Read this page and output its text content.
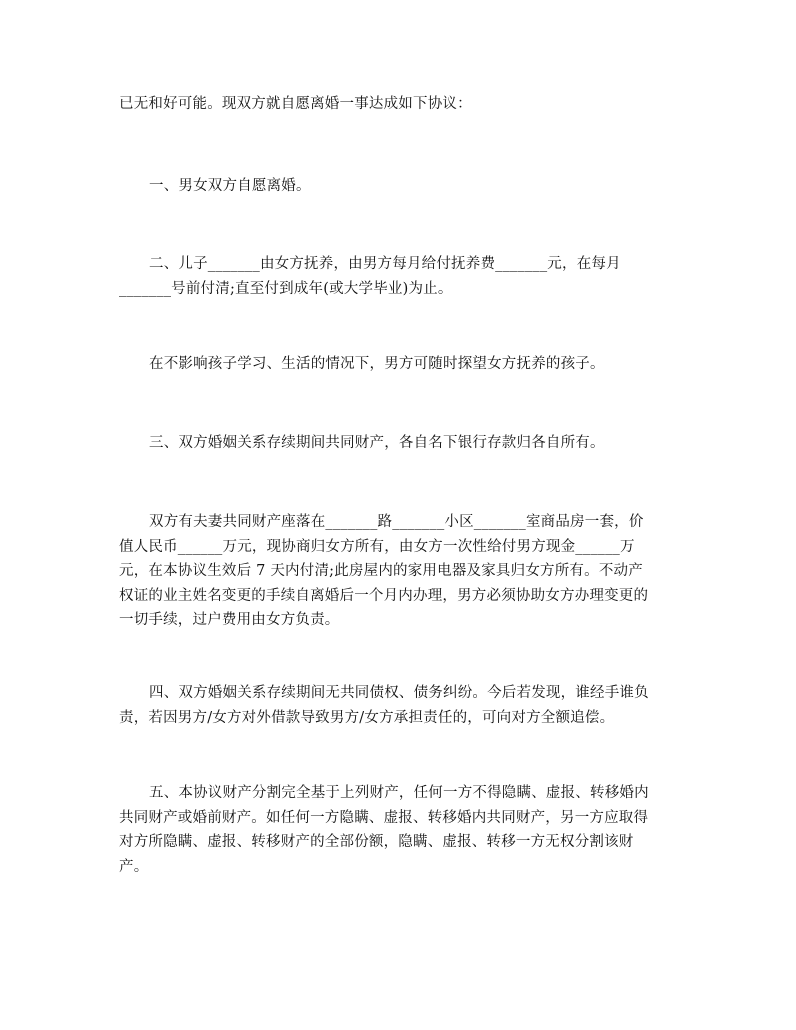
已无和好可能。现双方就自愿离婚一事达成如下协议：

一、男女双方自愿离婚。

二、儿子_______由女方抚养，由男方每月给付抚养费_______元，在每月
_______号前付清;直至付到成年(或大学毕业)为止。

在不影响孩子学习、生活的情况下，男方可随时探望女方抚养的孩子。

三、双方婚姻关系存续期间共同财产，各自名下银行存款归各自所有。

双方有夫妻共同财产座落在_______路_______小区_______室商品房一套，价
值人民币______万元，现协商归女方所有，由女方一次性给付男方现金______万
元，在本协议生效后 7 天内付清;此房屋内的家用电器及家具归女方所有。不动产
权证的业主姓名变更的手续自离婚后一个月内办理，男方必须协助女方办理变更的
一切手续，过户费用由女方负责。

四、双方婚姻关系存续期间无共同债权、债务纠纷。今后若发现，谁经手谁负
责，若因男方/女方对外借款导致男方/女方承担责任的，可向对方全额追偿。

五、本协议财产分割完全基于上列财产，任何一方不得隐瞒、虚报、转移婚内
共同财产或婚前财产。如任何一方隐瞒、虚报、转移婚内共同财产，另一方应取得
对方所隐瞒、虚报、转移财产的全部份额，隐瞒、虚报、转移一方无权分割该财
产。
